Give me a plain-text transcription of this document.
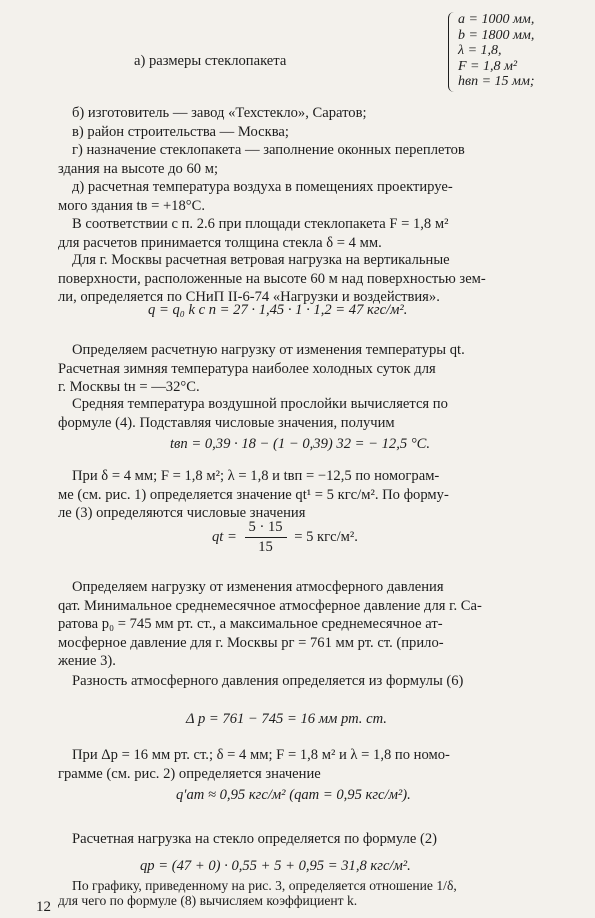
а) размеры стеклопакета
a = 1000 мм,
b = 1800 мм,
λ = 1,8,
F = 1,8 м²
hвп = 15 мм;
б) изготовитель — завод «Техстекло», Саратов;
в) район строительства — Москва;
г) назначение стеклопакета — заполнение оконных переплетов
здания на высоте до 60 м;
д) расчетная температура воздуха в помещениях проектируе-
мого здания tв = +18°С.
В соответствии с п. 2.6 при площади стеклопакета F = 1,8 м²
для расчетов принимается толщина стекла δ = 4 мм.
Для г. Москвы расчетная ветровая нагрузка на вертикальные
поверхности, расположенные на высоте 60 м над поверхностью зем-
ли, определяется по СНиП II-6-74 «Нагрузки и воздействия».
q = q₀ k c n = 27 · 1,45 · 1 · 1,2 = 47 кгс/м².
Определяем расчетную нагрузку от изменения температуры qt.
Расчетная зимняя температура наиболее холодных суток для
г. Москвы tн = —32°С.
Средняя температура воздушной прослойки вычисляется по
формуле (4). Подставляя числовые значения, получим
tвп = 0,39 · 18 − (1 − 0,39) 32 = − 12,5 °С.
При δ = 4 мм; F = 1,8 м²; λ = 1,8 и tвп = −12,5 по номограм-
ме (см. рис. 1) определяется значение qt¹ = 5 кгс/м². По форму-
ле (3) определяются числовые значения
qt = $\frac{5 \cdot 15}{15} = 5$ кгс/м².
Определяем нагрузку от изменения атмосферного давления
qат. Минимальное среднемесячное атмосферное давление для г. Са-
ратова p₀ = 745 мм рт. ст., а максимальное среднемесячное ат-
мосферное давление для г. Москвы pг = 761 мм рт. ст. (прило-
жение 3).
Разность атмосферного давления определяется из формулы (6)
Δ p = 761 − 745 = 16 мм рт. ст.
При Δp = 16 мм рт. ст.; δ = 4 мм; F = 1,8 м² и λ = 1,8 по номо-
грамме (см. рис. 2) определяется значение
q′ат ≈ 0,95 кгс/м² (qат = 0,95 кгс/м²).
Расчетная нагрузка на стекло определяется по формуле (2)
qр = (47 + 0) · 0,55 + 5 + 0,95 = 31,8 кгс/м².
12
По графику, приведенному на рис. 3, определяется отношение 1/δ,
для чего по формуле (8) вычисляем коэффициент k.
